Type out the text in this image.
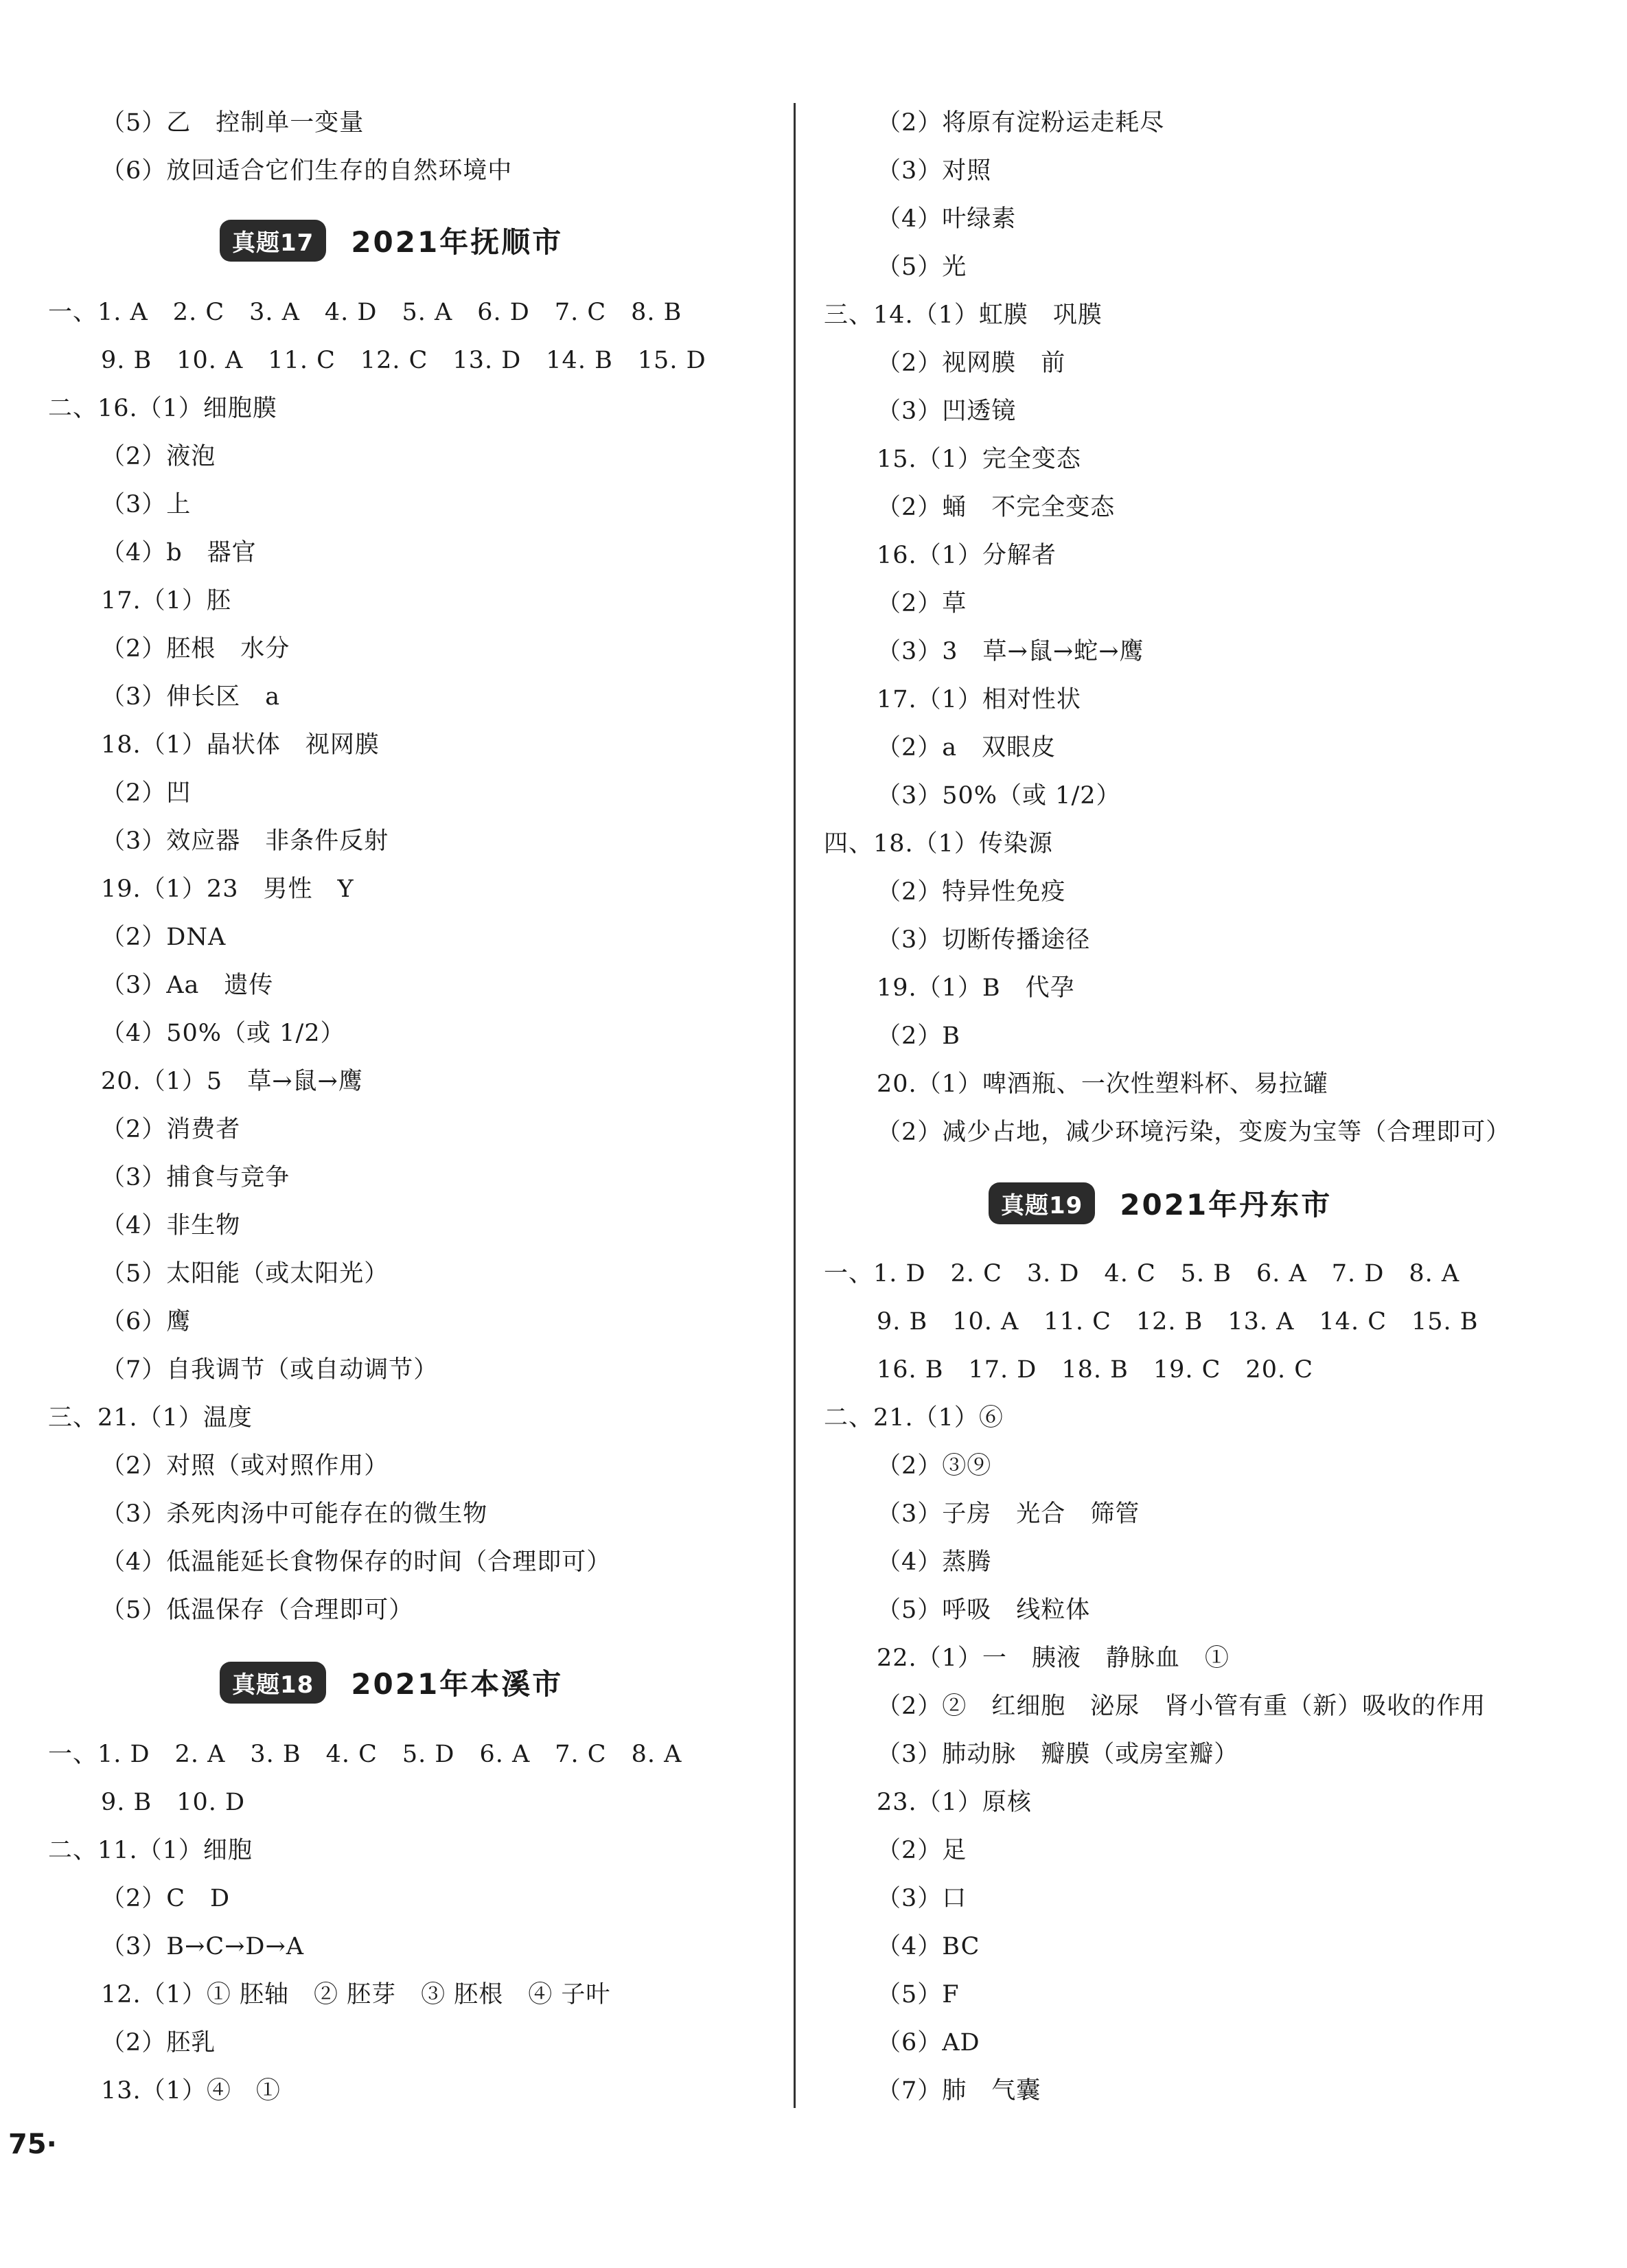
（5）乙　控制单一变量
（6）放回适合它们生存的自然环境中
真题17	2021年抚顺市
一、1. A　2. C　3. A　4. D　5. A　6. D　7. C　8. B
9. B　10. A　11. C　12. C　13. D　14. B　15. D
二、16.（1）细胞膜
（2）液泡
（3）上
（4）b　器官
17.（1）胚
（2）胚根　水分
（3）伸长区　a
18.（1）晶状体　视网膜
（2）凹
（3）效应器　非条件反射
19.（1）23　男性　Y
（2）DNA
（3）Aa　遗传
（4）50%（或 1/2）
20.（1）5　草→鼠→鹰
（2）消费者
（3）捕食与竞争
（4）非生物
（5）太阳能（或太阳光）
（6）鹰
（7）自我调节（或自动调节）
三、21.（1）温度
（2）对照（或对照作用）
（3）杀死肉汤中可能存在的微生物
（4）低温能延长食物保存的时间（合理即可）
（5）低温保存（合理即可）
真题18	2021年本溪市
一、1. D　2. A　3. B　4. C　5. D　6. A　7. C　8. A
9. B　10. D
二、11.（1）细胞
（2）C　D
（3）B→C→D→A
12.（1）① 胚轴　② 胚芽　③ 胚根　④ 子叶
（2）胚乳
13.（1）④　①
（2）将原有淀粉运走耗尽
（3）对照
（4）叶绿素
（5）光
三、14.（1）虹膜　巩膜
（2）视网膜　前
（3）凹透镜
15.（1）完全变态
（2）蛹　不完全变态
16.（1）分解者
（2）草
（3）3　草→鼠→蛇→鹰
17.（1）相对性状
（2）a　双眼皮
（3）50%（或 1/2）
四、18.（1）传染源
（2）特异性免疫
（3）切断传播途径
19.（1）B　代孕
（2）B
20.（1）啤酒瓶、一次性塑料杯、易拉罐
（2）减少占地，减少环境污染，变废为宝等（合理即可）
真题19	2021年丹东市
一、1. D　2. C　3. D　4. C　5. B　6. A　7. D　8. A
9. B　10. A　11. C　12. B　13. A　14. C　15. B
16. B　17. D　18. B　19. C　20. C
二、21.（1）⑥
（2）③⑨
（3）子房　光合　筛管
（4）蒸腾
（5）呼吸　线粒体
22.（1）一　胰液　静脉血　①
（2）②　红细胞　泌尿　肾小管有重（新）吸收的作用
（3）肺动脉　瓣膜（或房室瓣）
23.（1）原核
（2）足
（3）口
（4）BC
（5）F
（6）AD
（7）肺　气囊
75·
